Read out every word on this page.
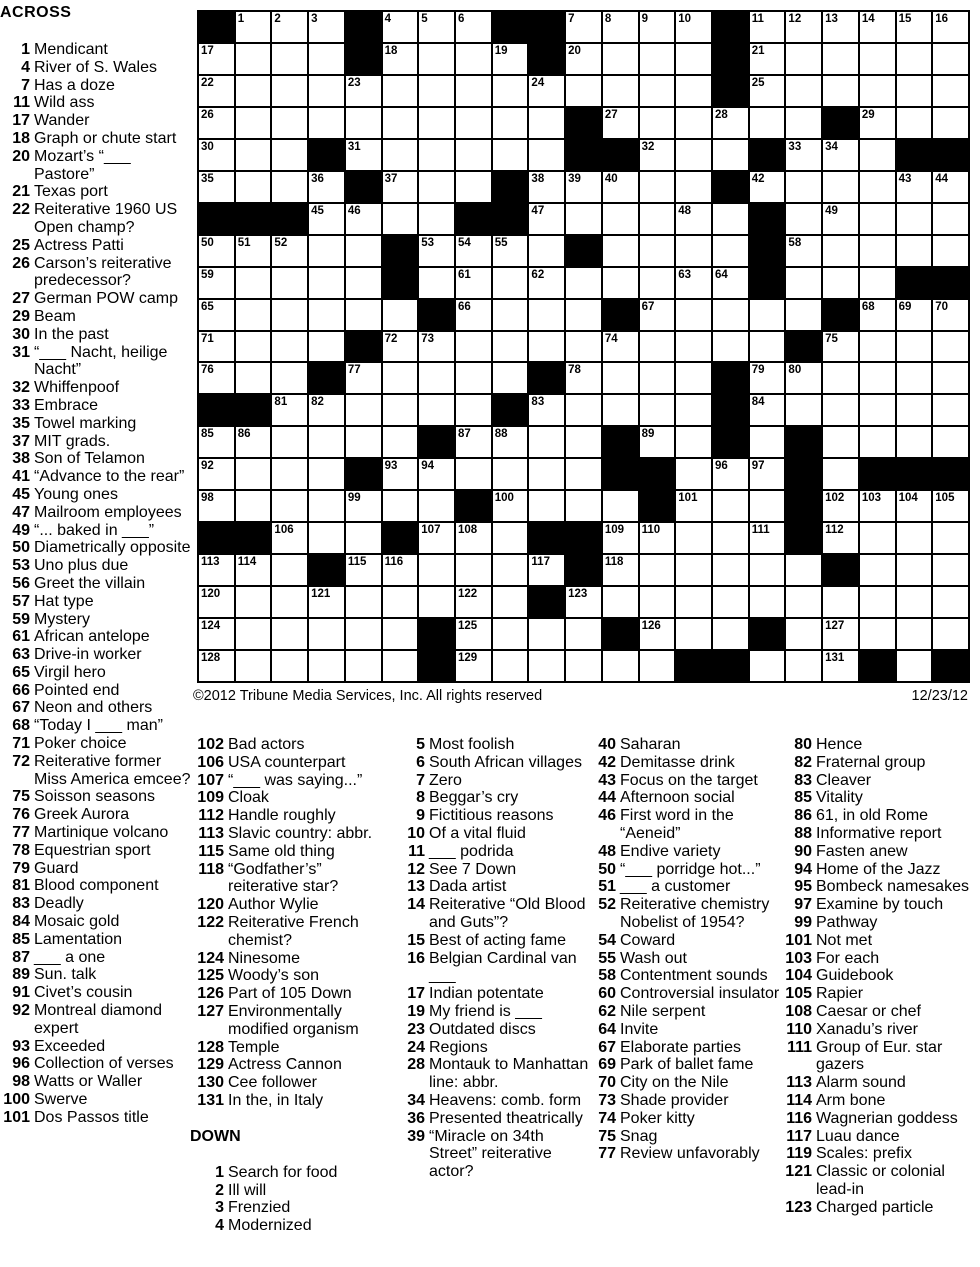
ACROSS
1 Mendicant
4 River of S. Wales
7 Has a doze
11 Wild ass
17 Wander
18 Graph or chute start
20 Mozart’s “___ Pastore”
21 Texas port
22 Reiterative 1960 US Open champ?
25 Actress Patti
26 Carson’s reiterative predecessor?
27 German POW camp
29 Beam
30 In the past
31 “___ Nacht, heilige Nacht”
32 Whiffenpoof
33 Embrace
35 Towel marking
37 MIT grads.
38 Son of Telamon
41 “Advance to the rear”
45 Young ones
47 Mailroom employees
49 “... baked in ___”
50 Diametrically opposite
53 Uno plus due
56 Greet the villain
57 Hat type
59 Mystery
61 African antelope
63 Drive-in worker
65 Virgil hero
66 Pointed end
67 Neon and others
68 “Today I ___ man”
71 Poker choice
72 Reiterative former Miss America emcee?
75 Soisson seasons
76 Greek Aurora
77 Martinique volcano
78 Equestrian sport
79 Guard
81 Blood component
83 Deadly
84 Mosaic gold
85 Lamentation
87 ___ a one
89 Sun. talk
91 Civet’s cousin
92 Montreal diamond expert
93 Exceeded
96 Collection of verses
98 Watts or Waller
100 Swerve
101 Dos Passos title
1	2	3	4	5	6	7	8	9	10	11 12 13 14 15 16
17	18	19	20	21
22	23	24	25
26	27	28	29
30	31	32	33 34
35	36	37	38 39 40	42	43 44
45 46	47	48	49
50 51 52	53 54 55	58
59	61	62	63 64
65	66	67	68 69 70
71	72 73	74	75
76	77	78	79 80
81 82	83	84
85 86	87 88	89
92	93 94	96 97
98	99	100	101	102 103 104 105
106	107 108	109 110	111	112
113 114	115 116	117	118
120	121	122	123
124	125	126	127
128	129	131
©2012 Tribune Media Services, Inc. All rights reserved	12/23/12
102 Bad actors
106 USA counterpart
107 “___ was saying...”
109 Cloak
112 Handle roughly
113 Slavic country: abbr.
115 Same old thing
118 “Godfather’s” reiterative star?
120 Author Wylie
122 Reiterative French chemist?
124 Ninesome
125 Woody’s son
126 Part of 105 Down
127 Environmentally modified organism
128 Temple
129 Actress Cannon
130 Cee follower
131 In the, in Italy
DOWN
1 Search for food
2 Ill will
3 Frenzied
4 Modernized
5 Most foolish
6 South African villages
7 Zero
8 Beggar’s cry
9 Fictitious reasons
10 Of a vital fluid
11 ___ podrida
12 See 7 Down
13 Dada artist
14 Reiterative “Old Blood and Guts”?
15 Best of acting fame
16 Belgian Cardinal van ___
17 Indian potentate
19 My friend is ___
23 Outdated discs
24 Regions
28 Montauk to Manhattan line: abbr.
34 Heavens: comb. form
36 Presented theatrically
39 “Miracle on 34th Street” reiterative actor?
40 Saharan
42 Demitasse drink
43 Focus on the target
44 Afternoon social
46 First word in the “Aeneid”
48 Endive variety
50 “___ porridge hot...”
51 ___ a customer
52 Reiterative chemistry Nobelist of 1954?
54 Coward
55 Wash out
58 Contentment sounds
60 Controversial insulator
62 Nile serpent
64 Invite
67 Elaborate parties
69 Park of ballet fame
70 City on the Nile
73 Shade provider
74 Poker kitty
75 Snag
77 Review unfavorably
80 Hence
82 Fraternal group
83 Cleaver
85 Vitality
86 61, in old Rome
88 Informative report
90 Fasten anew
94 Home of the Jazz
95 Bombeck namesakes
97 Examine by touch
99 Pathway
101 Not met
103 For each
104 Guidebook
105 Rapier
108 Caesar or chef
110 Xanadu’s river
111 Group of Eur. star gazers
113 Alarm sound
114 Arm bone
116 Wagnerian goddess
117 Luau dance
119 Scales: prefix
121 Classic or colonial lead-in
123 Charged particle
